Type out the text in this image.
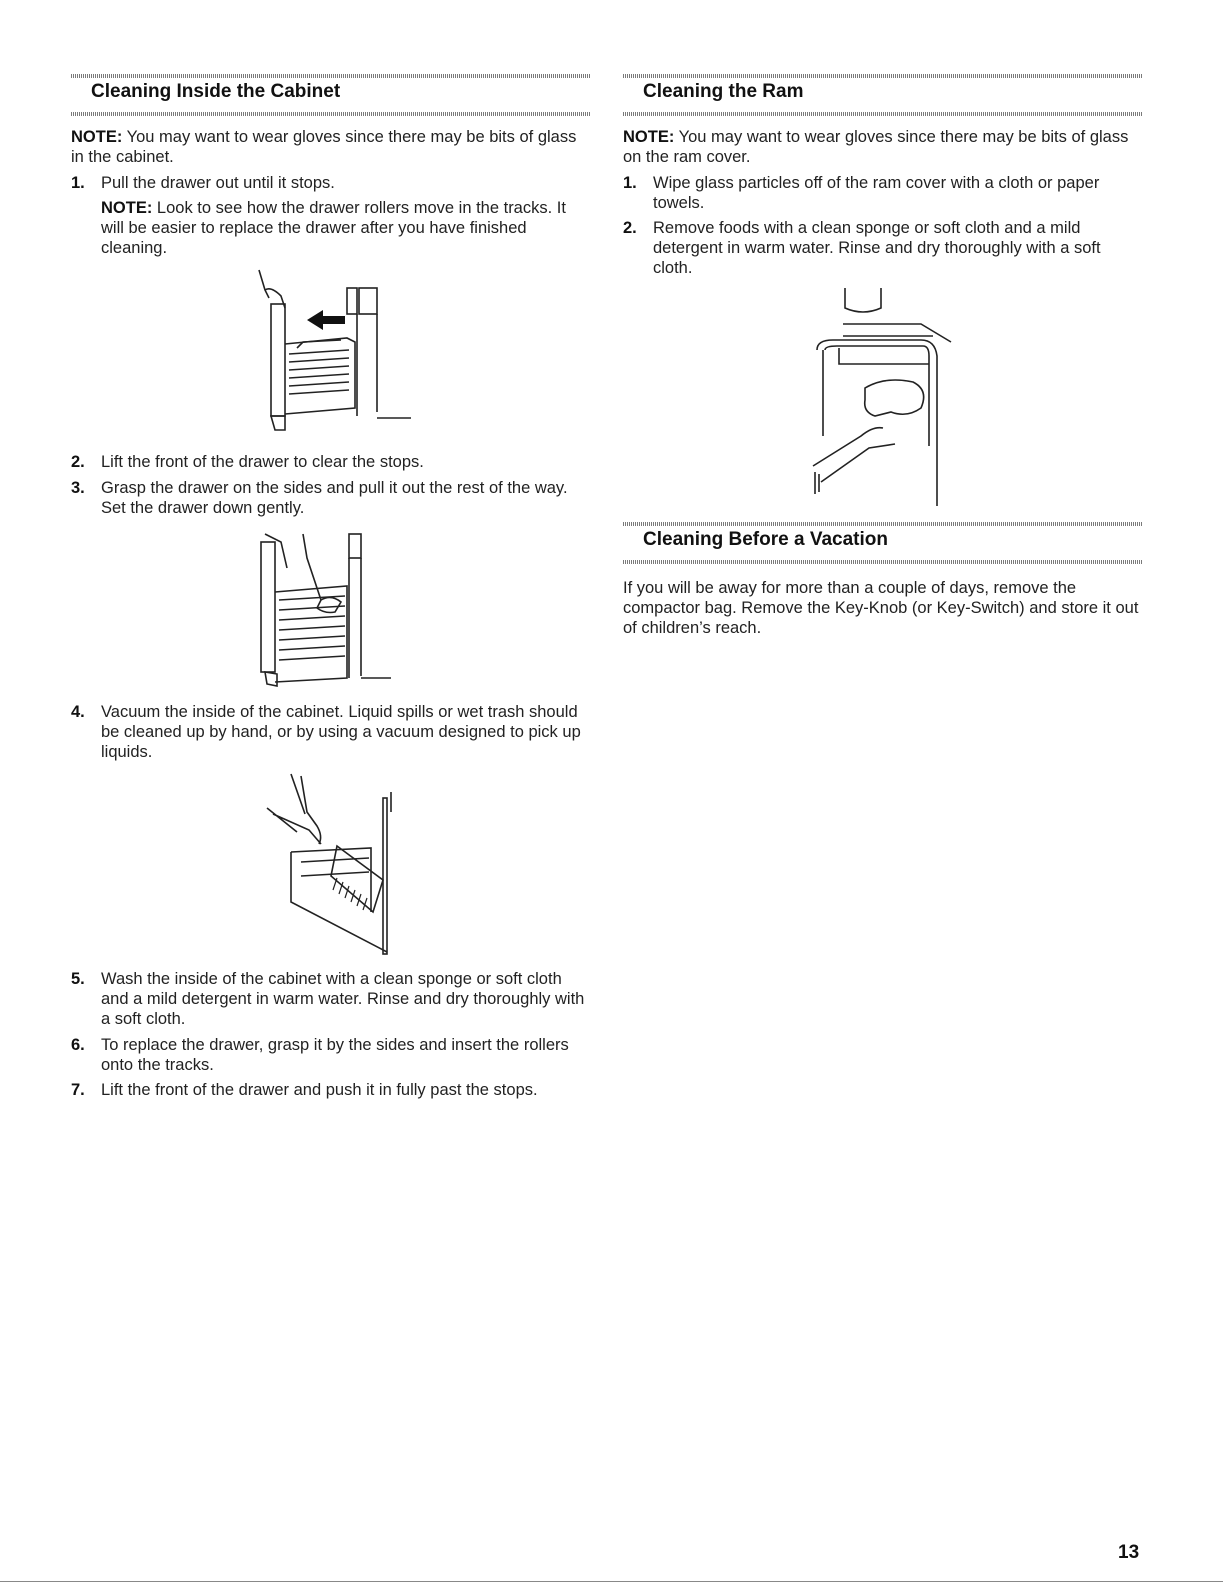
Cleaning Inside the Cabinet

NOTE: You may want to wear gloves since there may be bits of glass in the cabinet.

1. Pull the drawer out until it stops.

NOTE: Look to see how the drawer rollers move in the tracks. It will be easier to replace the drawer after you have finished cleaning.

2. Lift the front of the drawer to clear the stops.
3. Grasp the drawer on the sides and pull it out the rest of the way. Set the drawer down gently.
4. Vacuum the inside of the cabinet. Liquid spills or wet trash should be cleaned up by hand, or by using a vacuum designed to pick up liquids.
5. Wash the inside of the cabinet with a clean sponge or soft cloth and a mild detergent in warm water. Rinse and dry thoroughly with a soft cloth.
6. To replace the drawer, grasp it by the sides and insert the rollers onto the tracks.
7. Lift the front of the drawer and push it in fully past the stops.
Cleaning the Ram

NOTE: You may want to wear gloves since there may be bits of glass on the ram cover.

1. Wipe glass particles off of the ram cover with a cloth or paper towels.
2. Remove foods with a clean sponge or soft cloth and a mild detergent in warm water. Rinse and dry thoroughly with a soft cloth.
Cleaning Before a Vacation

If you will be away for more than a couple of days, remove the compactor bag. Remove the Key-Knob (or Key-Switch) and store it out of children’s reach.

13
